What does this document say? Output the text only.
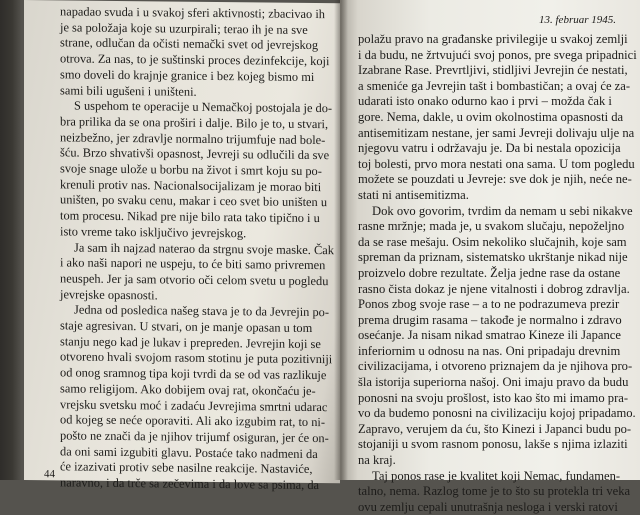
napadao svuda i u svakoj sferi aktivnosti; zbacivao ih
je sa položaja koje su uzurpirali; terao ih je na sve
strane, odlučan da očisti nemački svet od jevrejskog
otrova. Za nas, to je suštinski proces dezinfekcije, koji
smo doveli do krajnje granice i bez kojeg bismo mi
sami bili ugušeni i uništeni.
S uspehom te operacije u Nemačkoj postojala je do-
bra prilika da se ona proširi i dalje. Bilo je to, u stvari,
neizbežno, jer zdravlje normalno trijumfuje nad bole-
šću. Brzo shvativši opasnost, Jevreji su odlučili da sve
svoje snage ulože u borbu na život i smrt koju su po-
krenuli protiv nas. Nacionalsocijalizam je morao biti
uništen, po svaku cenu, makar i ceo svet bio uništen u
tom procesu. Nikad pre nije bilo rata tako tipično i u
isto vreme tako isključivo jevrejskog.
Ja sam ih najzad naterao da strgnu svoje maske. Čak
i ako naši napori ne uspeju, to će biti samo privremen
neuspeh. Jer ja sam otvorio oči celom svetu u pogledu
jevrejske opasnosti.
Jedna od posledica našeg stava je to da Jevrejin po-
staje agresivan. U stvari, on je manje opasan u tom
stanju nego kad je lukav i prepreden. Jevrejin koji se
otvoreno hvali svojom rasom stotinu je puta pozitivniji
od onog sramnog tipa koji tvrdi da se od vas razlikuje
samo religijom. Ako dobijem ovaj rat, okončaću je-
vrejsku svetsku moć i zadaću Jevrejima smrtni udarac
od kojeg se neće oporaviti. Ali ako izgubim rat, to ni-
pošto ne znači da je njihov trijumf osiguran, jer će on-
da oni sami izgubiti glavu. Postaće tako nadmeni da
će izazivati protiv sebe nasilne reakcije. Nastaviće,
naravno, i da trče sa zečevima i da love sa psima, da
44
13. februar 1945.
polažu pravo na građanske privilegije u svakoj zemlji
i da budu, ne žrtvujući svoj ponos, pre svega pripadnici
Izabrane Rase. Prevrtljivi, stidljivi Jevrejin će nestati,
a smeniće ga Jevrejin tašt i bombastičan; a ovaj će za-
udarati isto onako odurno kao i prvi – možda čak i
gore. Nema, dakle, u ovim okolnostima opasnosti da
antisemitizam nestane, jer sami Jevreji dolivaju ulje na
njegovu vatru i održavaju je. Da bi nestala opozicija
toj bolesti, prvo mora nestati ona sama. U tom pogledu
možete se pouzdati u Jevreje: sve dok je njih, neće ne-
stati ni antisemitizma.
Dok ovo govorim, tvrdim da nemam u sebi nikakve
rasne mržnje; mada je, u svakom slučaju, nepoželjno
da se rase mešaju. Osim nekoliko slučajnih, koje sam
spreman da priznam, sistematsko ukrštanje nikad nije
proizvelo dobre rezultate. Želja jedne rase da ostane
rasno čista dokaz je njene vitalnosti i dobrog zdravlja.
Ponos zbog svoje rase – a to ne podrazumeva prezir
prema drugim rasama – takođe je normalno i zdravo
osećanje. Ja nisam nikad smatrao Kineze ili Japance
inferiornim u odnosu na nas. Oni pripadaju drevnim
civilizacijama, i otvoreno priznajem da je njihova pro-
šla istorija superiorna našoj. Oni imaju pravo da budu
ponosni na svoju prošlost, isto kao što mi imamo pra-
vo da budemo ponosni na civilizaciju kojoj pripadamo.
Zapravo, verujem da ću, što Kinezi i Japanci budu po-
stojaniji u svom rasnom ponosu, lakše s njima izlaziti
na kraj.
Taj ponos rase je kvalitet koji Nemac, fundamen-
talno, nema. Razlog tome je to što su protekla tri veka
ovu zemlju cepali unutrašnja nesloga i verski ratovi
